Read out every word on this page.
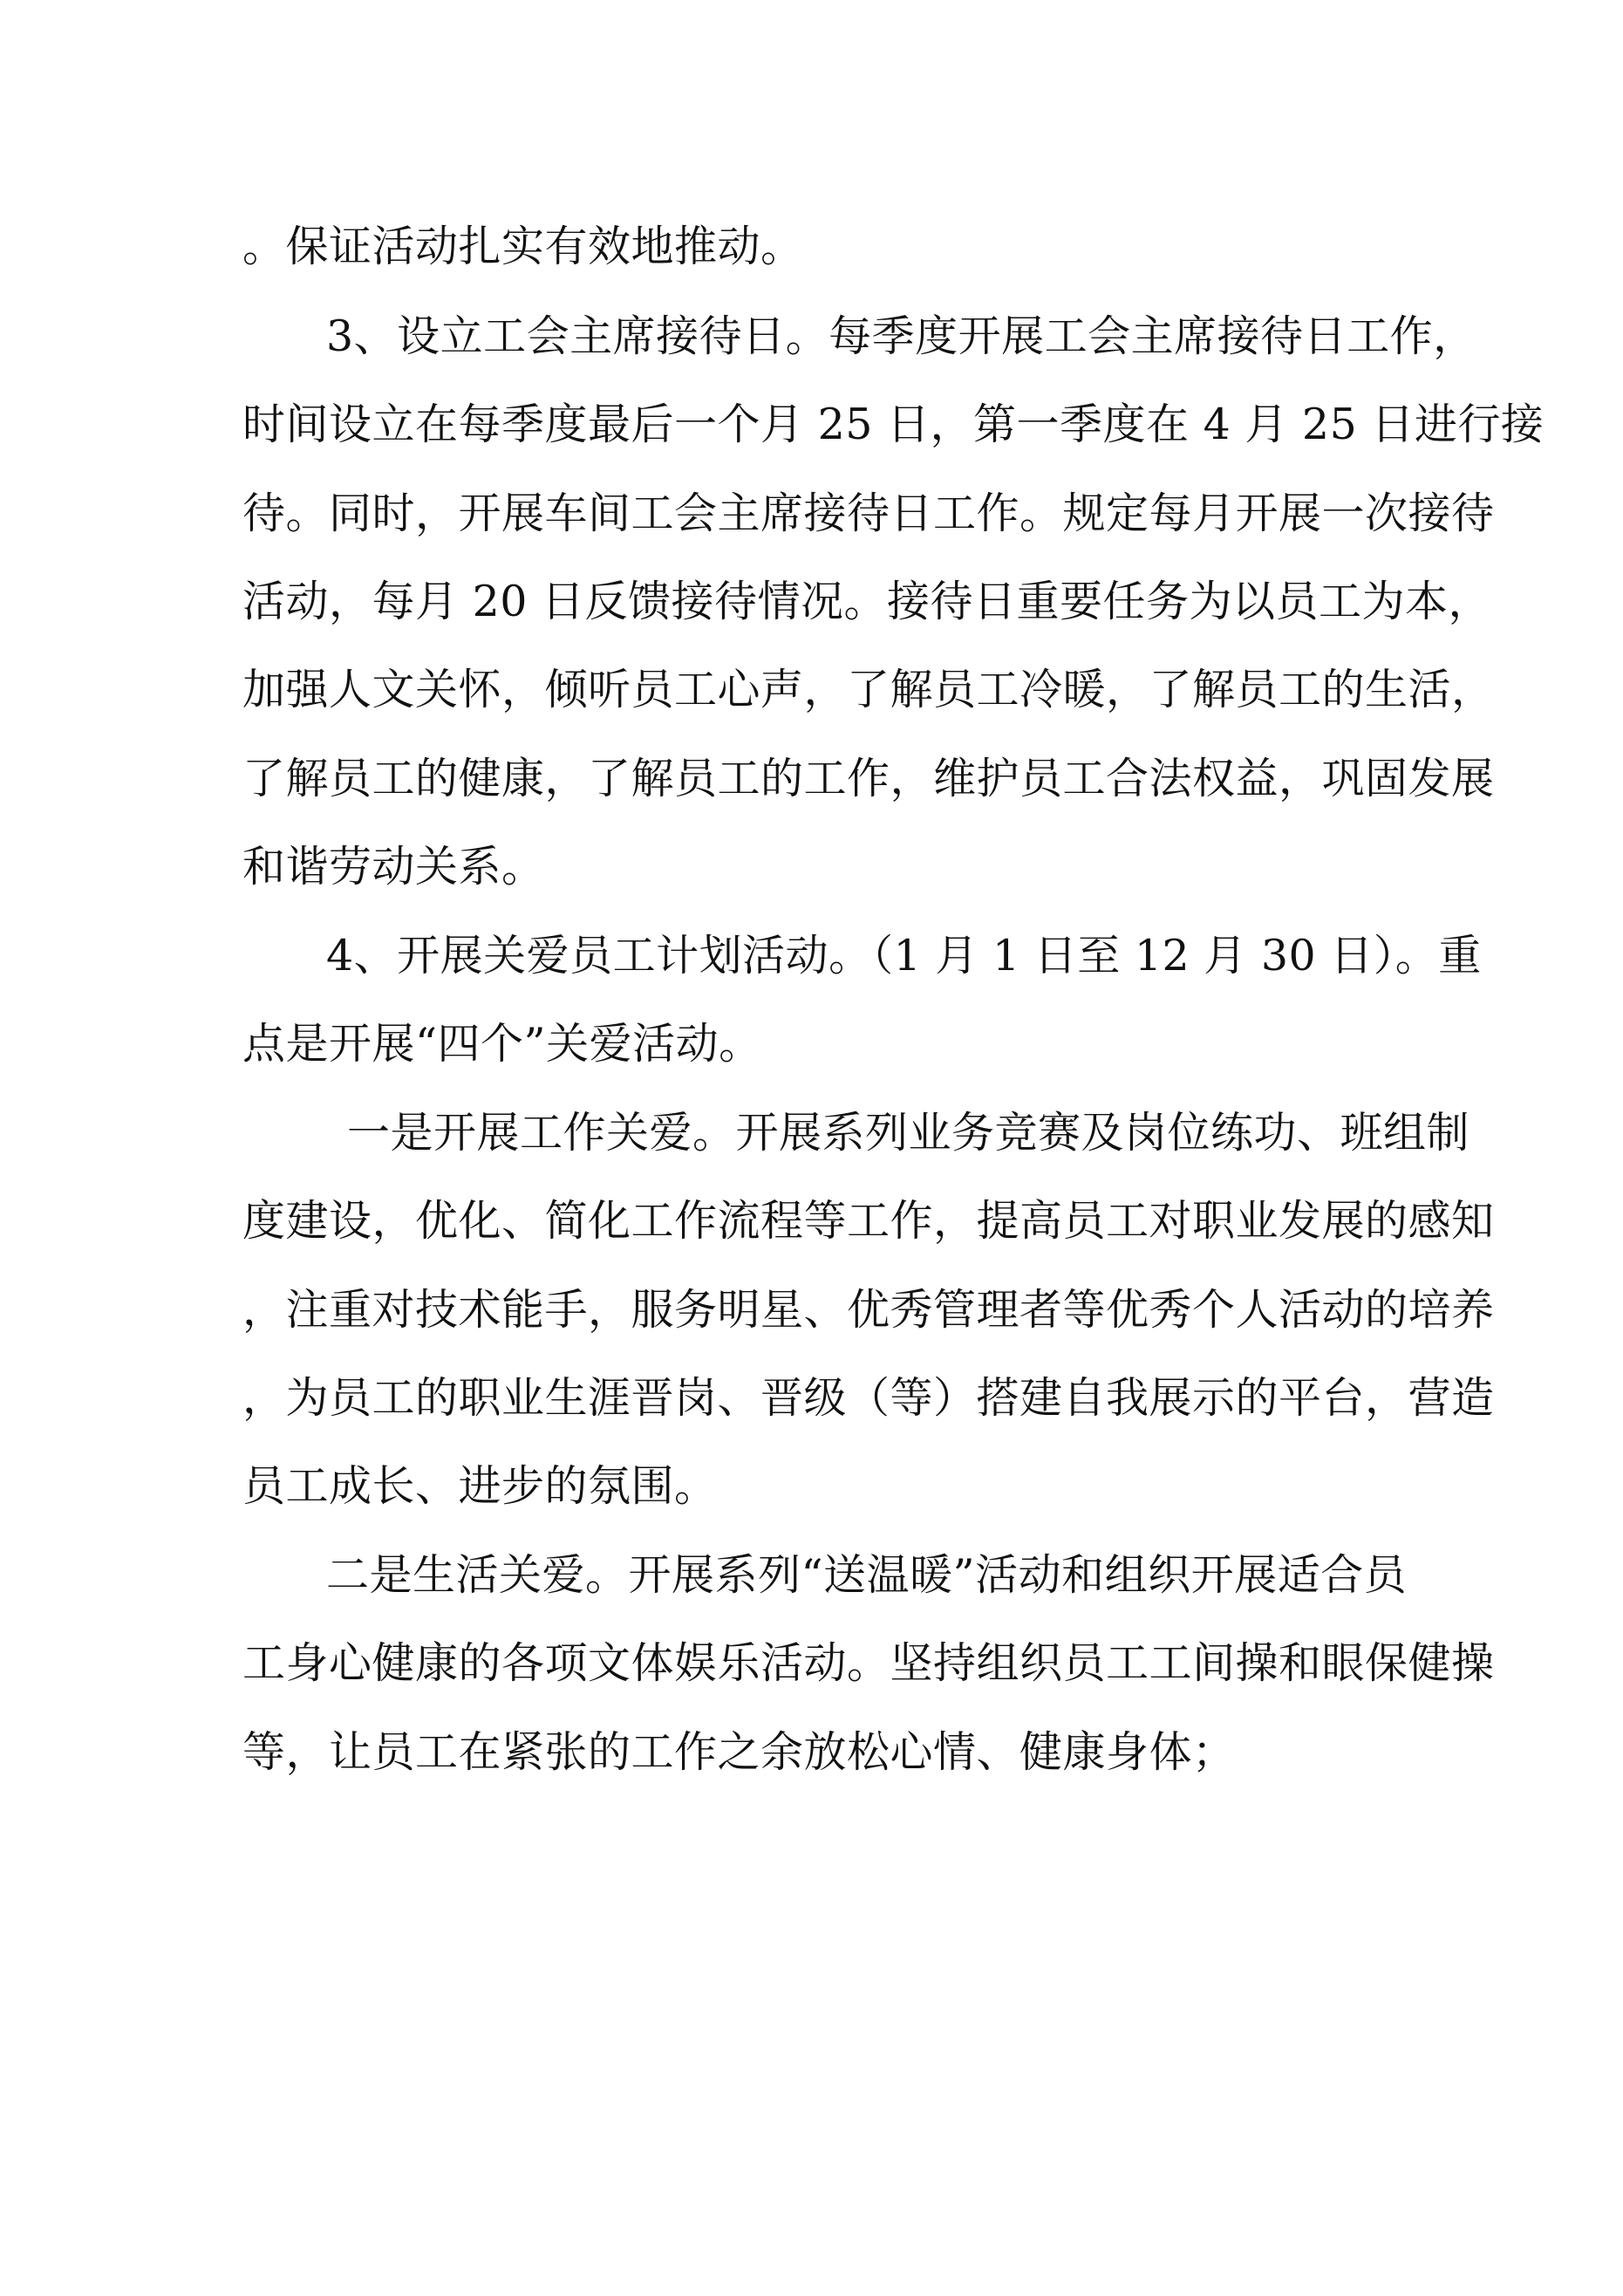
。保证活动扎实有效地推动。
3、设立工会主席接待日。每季度开展工会主席接待日工作，
时间设立在每季度最后一个月 25 日，第一季度在 4 月 25 日进行接
待。同时，开展车间工会主席接待日工作。规定每月开展一次接待
活动，每月 20 日反馈接待情况。接待日重要任务为以员工为本，
加强人文关怀，倾听员工心声，了解员工冷暖，了解员工的生活，
了解员工的健康，了解员工的工作，维护员工合法权益，巩固发展
和谐劳动关系。
4、开展关爱员工计划活动。（1 月 1 日至 12 月 30 日）。重
点是开展“四个”关爱活动。
一是开展工作关爱。开展系列业务竞赛及岗位练功、班组制
度建设，优化、简化工作流程等工作，提高员工对职业发展的感知
，注重对技术能手，服务明星、优秀管理者等优秀个人活动的培养
，为员工的职业生涯晋岗、晋级（等）搭建自我展示的平台，营造
员工成长、进步的氛围。
二是生活关爱。开展系列“送温暖”活动和组织开展适合员
工身心健康的各项文体娱乐活动。坚持组织员工工间操和眼保健操
等，让员工在紧张的工作之余放松心情、健康身体；
